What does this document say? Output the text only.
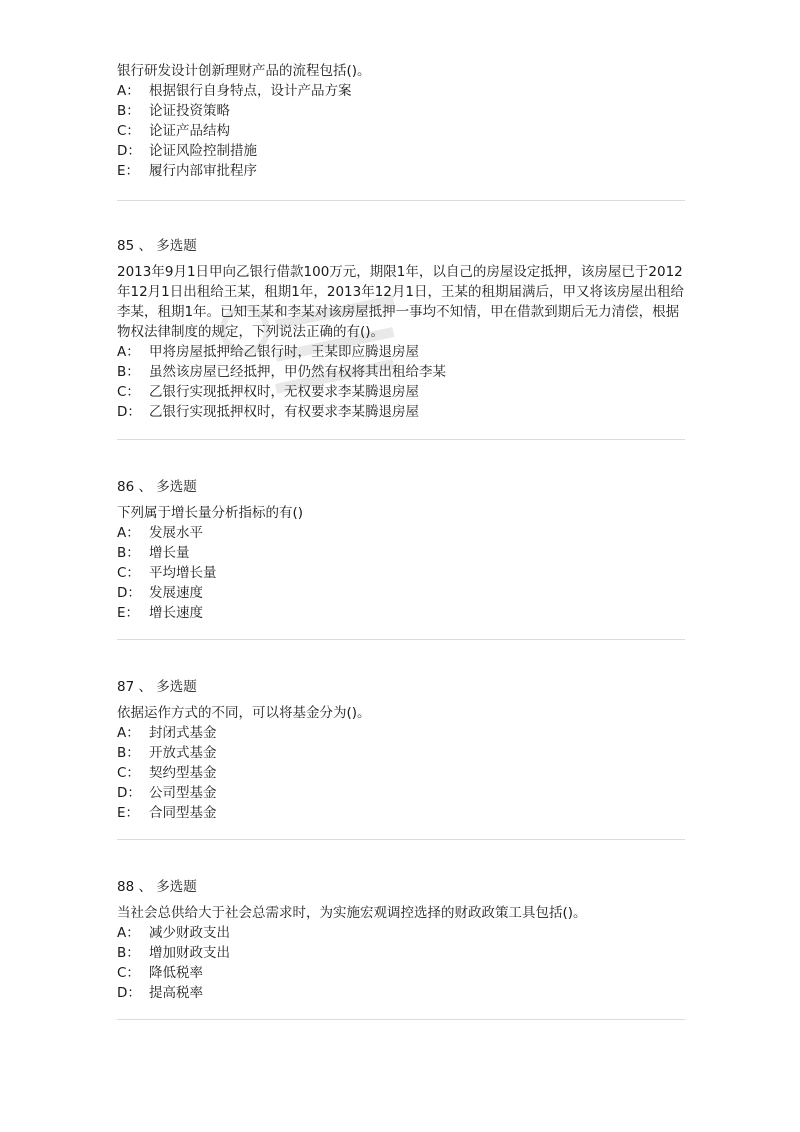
银行研发设计创新理财产品的流程包括()。

A： 根据银行自身特点，设计产品方案
B： 论证投资策略
C： 论证产品结构
D： 论证风险控制措施
E： 履行内部审批程序
85 、 多选题

2013年9月1日甲向乙银行借款100万元，期限1年，以自己的房屋设定抵押，该房屋已于2012年12月1日出租给王某，租期1年，2013年12月1日，王某的租期届满后，甲又将该房屋出租给李某，租期1年。已知王某和李某对该房屋抵押一事均不知情，甲在借款到期后无力清偿，根据物权法律制度的规定，下列说法正确的有()。

A： 甲将房屋抵押给乙银行时，王某即应腾退房屋
B： 虽然该房屋已经抵押，甲仍然有权将其出租给李某
C： 乙银行实现抵押权时，无权要求李某腾退房屋
D： 乙银行实现抵押权时，有权要求李某腾退房屋
86 、 多选题

下列属于增长量分析指标的有()

A： 发展水平
B： 增长量
C： 平均增长量
D： 发展速度
E： 增长速度
87 、 多选题

依据运作方式的不同，可以将基金分为()。

A： 封闭式基金
B： 开放式基金
C： 契约型基金
D： 公司型基金
E： 合同型基金
88 、 多选题

当社会总供给大于社会总需求时，为实施宏观调控选择的财政政策工具包括()。

A： 减少财政支出
B： 增加财政支出
C： 降低税率
D： 提高税率
